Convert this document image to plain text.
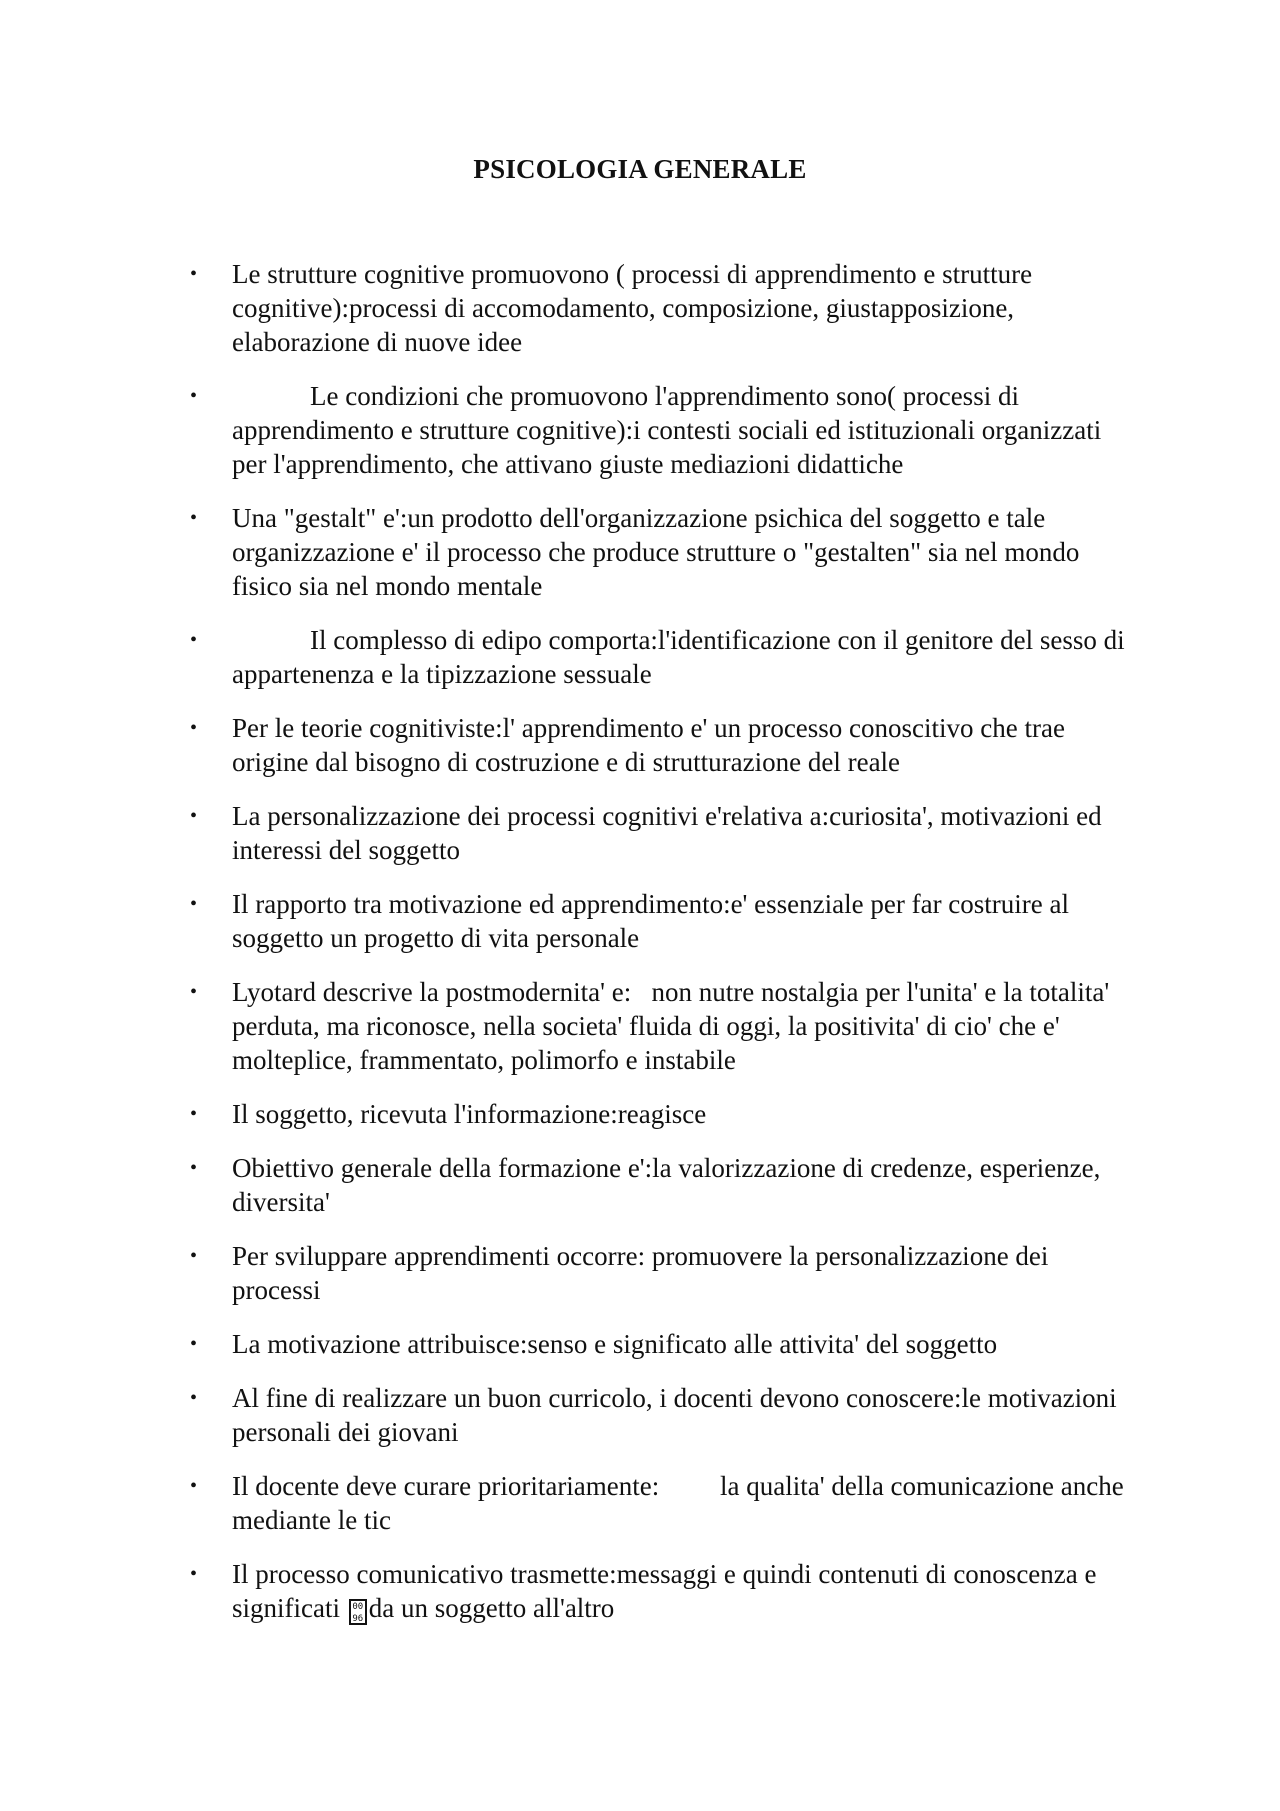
PSICOLOGIA GENERALE
•	Le strutture cognitive promuovono ( processi di apprendimento e strutture cognitive):processi di accomodamento, composizione, giustapposizione, elaborazione di nuove idee
•	Le condizioni che promuovono l'apprendimento sono( processi di apprendimento e strutture cognitive):i contesti sociali ed istituzionali organizzati per l'apprendimento, che attivano giuste mediazioni didattiche
•	Una "gestalt" e':un prodotto dell'organizzazione psichica del soggetto e tale organizzazione e' il processo che produce strutture o "gestalten" sia nel mondo fisico sia nel mondo mentale
•	Il complesso di edipo comporta:l'identificazione con il genitore del sesso di appartenenza e la tipizzazione sessuale
•	Per le teorie cognitiviste:l' apprendimento e' un processo conoscitivo che trae origine dal bisogno di costruzione e di strutturazione del reale
•	La personalizzazione dei processi cognitivi e'relativa a:curiosita', motivazioni ed interessi del soggetto
•	Il rapporto tra motivazione ed apprendimento:e' essenziale per far costruire al soggetto un progetto di vita personale
•	Lyotard descrive la postmodernita' e:   non nutre nostalgia per l'unita' e la totalita' perduta, ma riconosce, nella societa' fluida di oggi, la positivita' di cio' che e' molteplice, frammentato, polimorfo e instabile
•	Il soggetto, ricevuta l'informazione:reagisce
•	Obiettivo generale della formazione e':la valorizzazione di credenze, esperienze, diversita'
•	Per sviluppare apprendimenti occorre: promuovere la personalizzazione dei processi
•	La motivazione attribuisce:senso e significato alle attivita' del soggetto
•	Al fine di realizzare un buon curricolo, i docenti devono conoscere:le motivazioni personali dei giovani
•	Il docente deve curare prioritariamente:         la qualita' della comunicazione anche mediante le tic
•	Il processo comunicativo trasmette:messaggi e quindi contenuti di conoscenza e significati 00 96 da un soggetto all'altro
